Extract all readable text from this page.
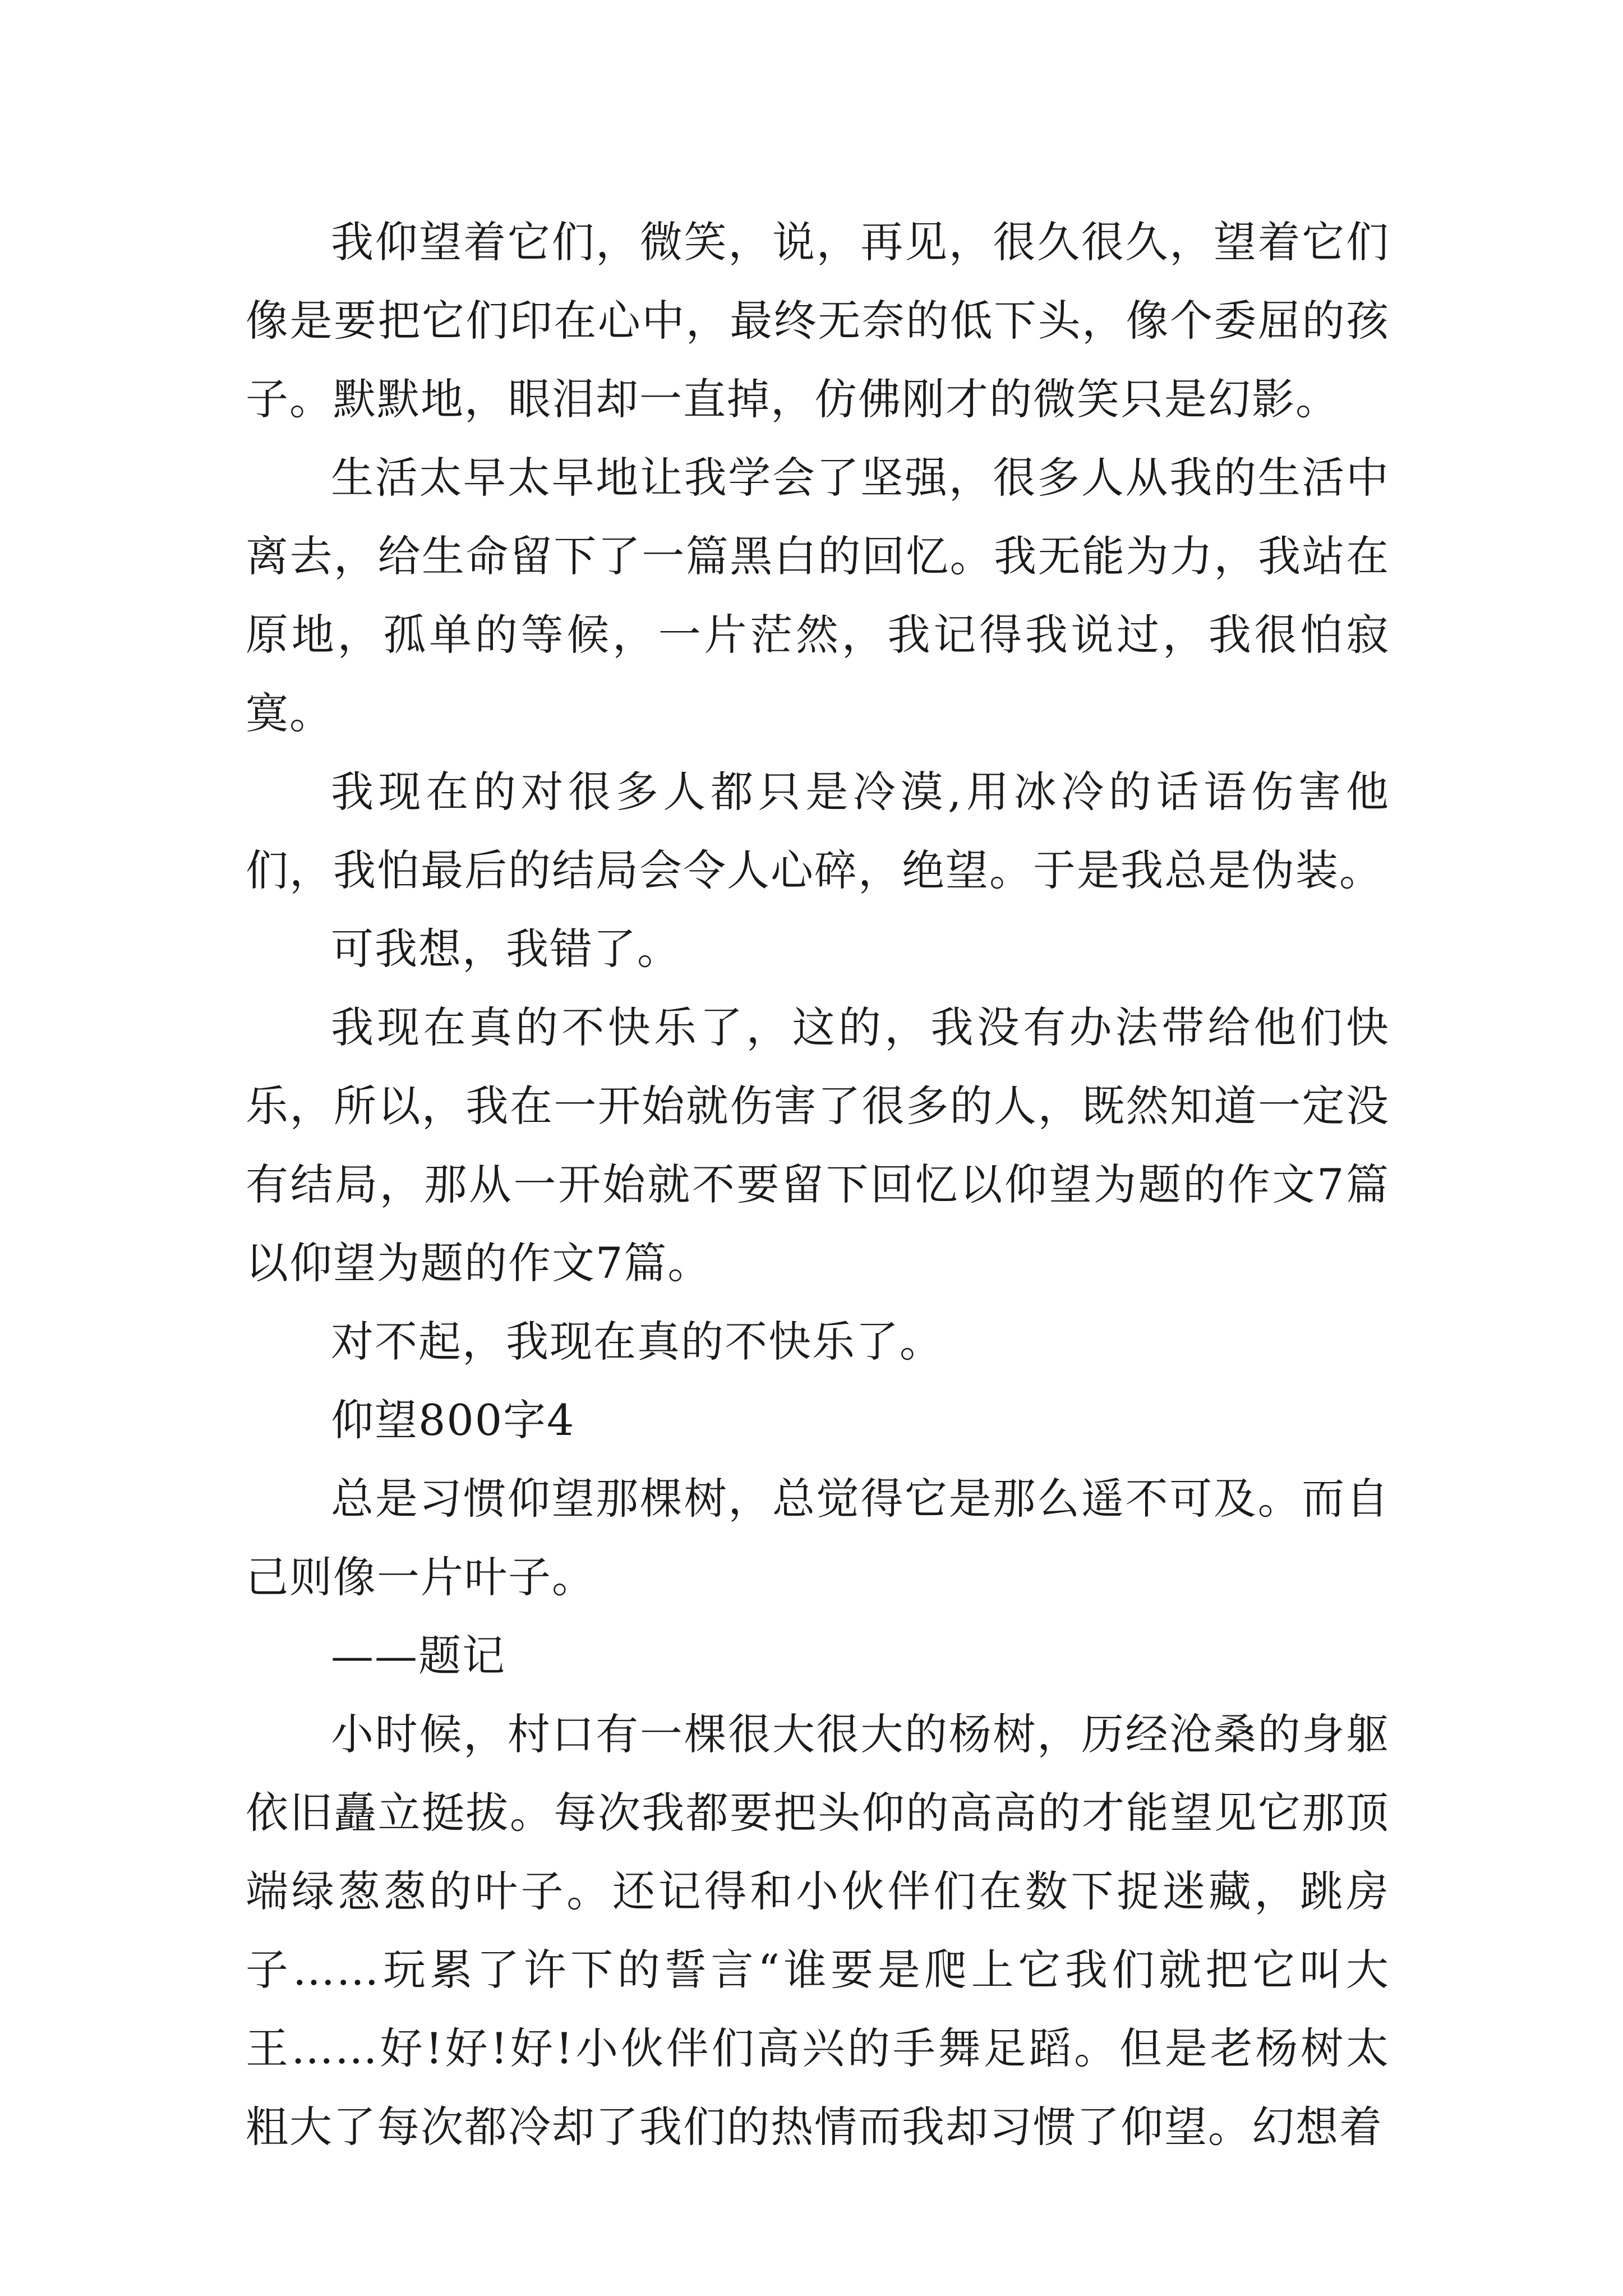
我仰望着它们，微笑，说，再见，很久很久，望着它们像是要把它们印在心中，最终无奈的低下头，像个委屈的孩子。默默地，眼泪却一直掉，仿佛刚才的微笑只是幻影。

生活太早太早地让我学会了坚强，很多人从我的生活中离去，给生命留下了一篇黑白的回忆。我无能为力，我站在原地，孤单的等候，一片茫然，我记得我说过，我很怕寂寞。

我现在的对很多人都只是冷漠,用冰冷的话语伤害他们，我怕最后的结局会令人心碎，绝望。于是我总是伪装。

可我想，我错了。

我现在真的不快乐了，这的，我没有办法带给他们快乐，所以，我在一开始就伤害了很多的人，既然知道一定没有结局，那从一开始就不要留下回忆以仰望为题的作文7篇以仰望为题的作文7篇。

对不起，我现在真的不快乐了。

仰望800字4

总是习惯仰望那棵树，总觉得它是那么遥不可及。而自己则像一片叶子。

——题记

小时候，村口有一棵很大很大的杨树，历经沧桑的身躯依旧矗立挺拔。每次我都要把头仰的高高的才能望见它那顶端绿葱葱的叶子。还记得和小伙伴们在数下捉迷藏，跳房子……玩累了许下的誓言“谁要是爬上它我们就把它叫大王……好!好!好!小伙伴们高兴的手舞足蹈。但是老杨树太粗大了每次都冷却了我们的热情而我却习惯了仰望。幻想着
